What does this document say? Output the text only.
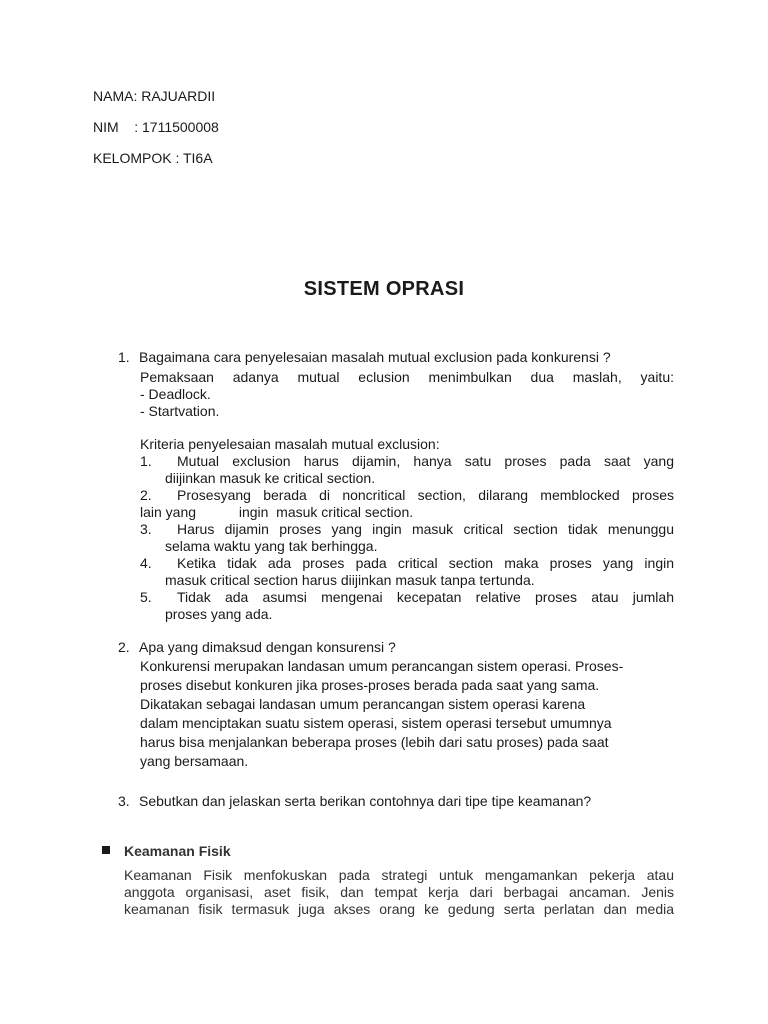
NAMA: RAJUARDII
NIM    : 1711500008
KELOMPOK : TI6A
SISTEM OPRASI
1. Bagaimana cara penyelesaian masalah mutual exclusion pada konkurensi ?
Pemaksaan adanya mutual eclusion menimbulkan dua maslah, yaitu:
- Deadlock.
- Startvation.
Kriteria penyelesaian masalah mutual exclusion:
1. Mutual exclusion harus dijamin, hanya satu proses pada saat yang
diijinkan masuk ke critical section.
2. Prosesyang berada di noncritical section, dilarang memblocked proses
lain yang           ingin  masuk critical section.
3. Harus dijamin proses yang ingin masuk critical section tidak menunggu
selama waktu yang tak berhingga.
4. Ketika tidak ada proses pada critical section maka proses yang ingin
masuk critical section harus diijinkan masuk tanpa tertunda.
5. Tidak ada asumsi mengenai kecepatan relative proses atau jumlah
proses yang ada.
2. Apa yang dimaksud dengan konsurensi ?
Konkurensi merupakan landasan umum perancangan sistem operasi. Proses-
proses disebut konkuren jika proses-proses berada pada saat yang sama.
Dikatakan sebagai landasan umum perancangan sistem operasi karena
dalam menciptakan suatu sistem operasi, sistem operasi tersebut umumnya
harus bisa menjalankan beberapa proses (lebih dari satu proses) pada saat
yang bersamaan.
3. Sebutkan dan jelaskan serta berikan contohnya dari tipe tipe keamanan?
Keamanan Fisik
Keamanan Fisik menfokuskan pada strategi untuk mengamankan pekerja atau
anggota organisasi, aset fisik, dan tempat kerja dari berbagai ancaman. Jenis
keamanan fisik termasuk juga akses orang ke gedung serta perlatan dan media
